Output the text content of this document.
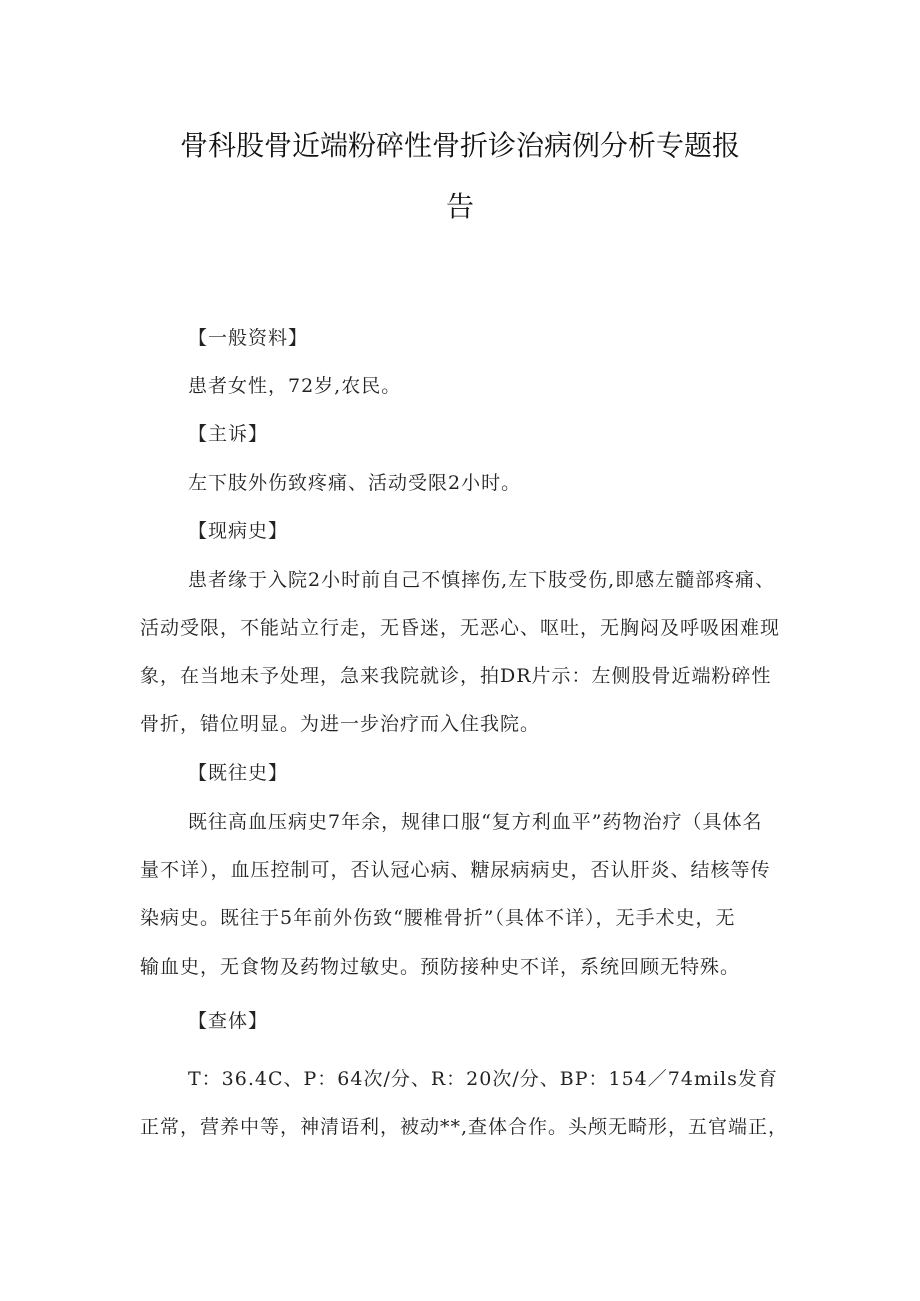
骨科股骨近端粉碎性骨折诊治病例分析专题报
告
【一般资料】
患者女性，72岁,农民。
【主诉】
左下肢外伤致疼痛、活动受限2小时。
【现病史】
患者缘于入院2小时前自己不慎摔伤,左下肢受伤,即感左髓部疼痛、
活动受限，不能站立行走，无昏迷，无恶心、呕吐，无胸闷及呼吸困难现
象，在当地未予处理，急来我院就诊，拍DR片示：左侧股骨近端粉碎性
骨折，错位明显。为进一步治疗而入住我院。
【既往史】
既往高血压病史7年余，规律口服“复方利血平”药物治疗（具体名
量不详），血压控制可，否认冠心病、糖尿病病史，否认肝炎、结核等传
染病史。既往于5年前外伤致“腰椎骨折”（具体不详），无手术史，无
输血史，无食物及药物过敏史。预防接种史不详，系统回顾无特殊。
【查体】
T：36.4C、P：64次/分、R：20次/分、BP：154／74mils发育
正常，营养中等，神清语利，被动**,查体合作。头颅无畸形，五官端正，
